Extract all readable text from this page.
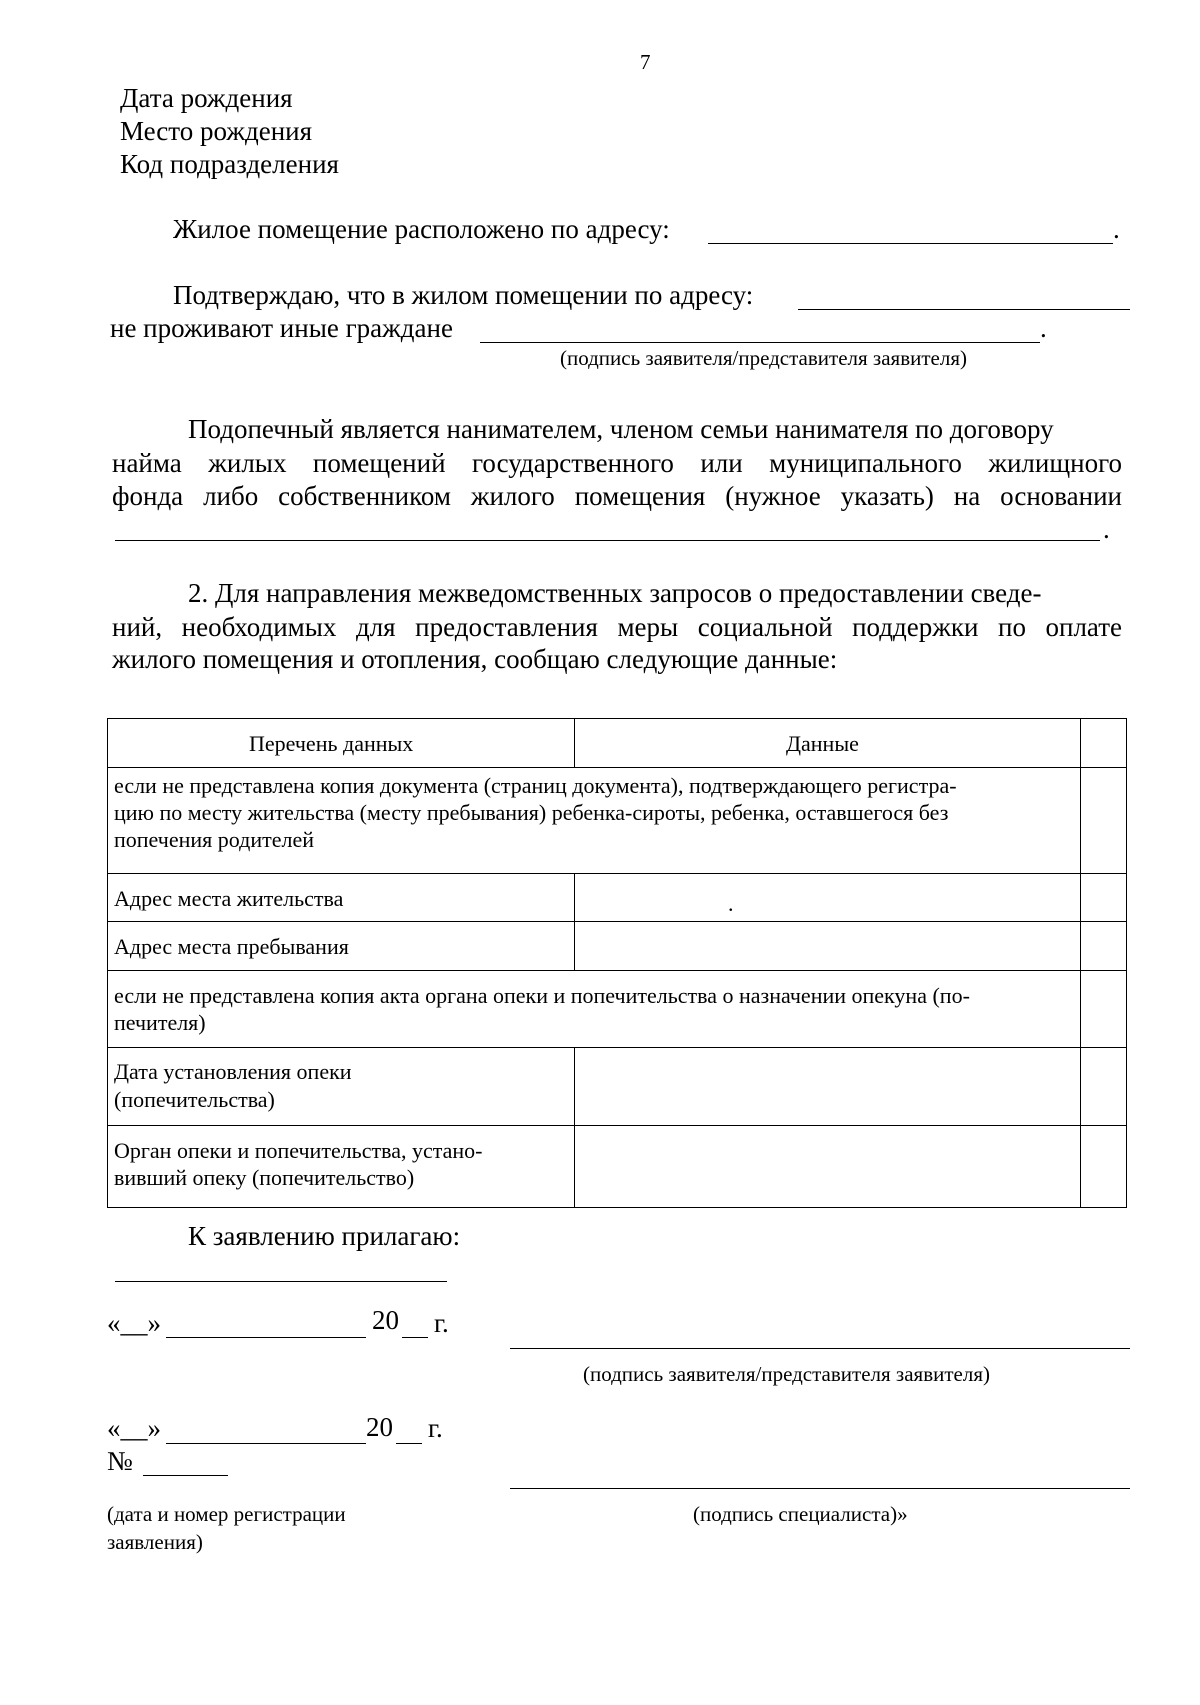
7
Дата рождения
Место рождения
Код подразделения
Жилое помещение расположено по адресу:	.
Подтверждаю, что в жилом помещении по адресу:
не проживают иные граждане	.
(подпись заявителя/представителя заявителя)
Подопечный является нанимателем, членом семьи нанимателя по договору
найма жилых помещений государственного или муниципального жилищного
фонда либо собственником жилого помещения (нужное указать) на основании
.
2. Для направления межведомственных запросов о предоставлении сведе-
ний, необходимых для предоставления меры социальной поддержки по оплате
жилого помещения и отопления, сообщаю следующие данные:
Перечень данных	Данные
если не представлена копия документа (страниц документа), подтверждающего регистра-
цию по месту жительства (месту пребывания) ребенка-сироты, ребенка, оставшегося без
попечения родителей
Адрес места жительства	.
Адрес места пребывания
если не представлена копия акта органа опеки и попечительства о назначении опекуна (по-
печителя)
Дата установления опеки
(попечительства)
Орган опеки и попечительства, устано-
вивший опеку (попечительство)
К заявлению прилагаю:
«__»	20 г.
(подпись заявителя/представителя заявителя)
«__»	20 г.
№
(дата и номер регистрации
заявления)
(подпись специалиста)»
